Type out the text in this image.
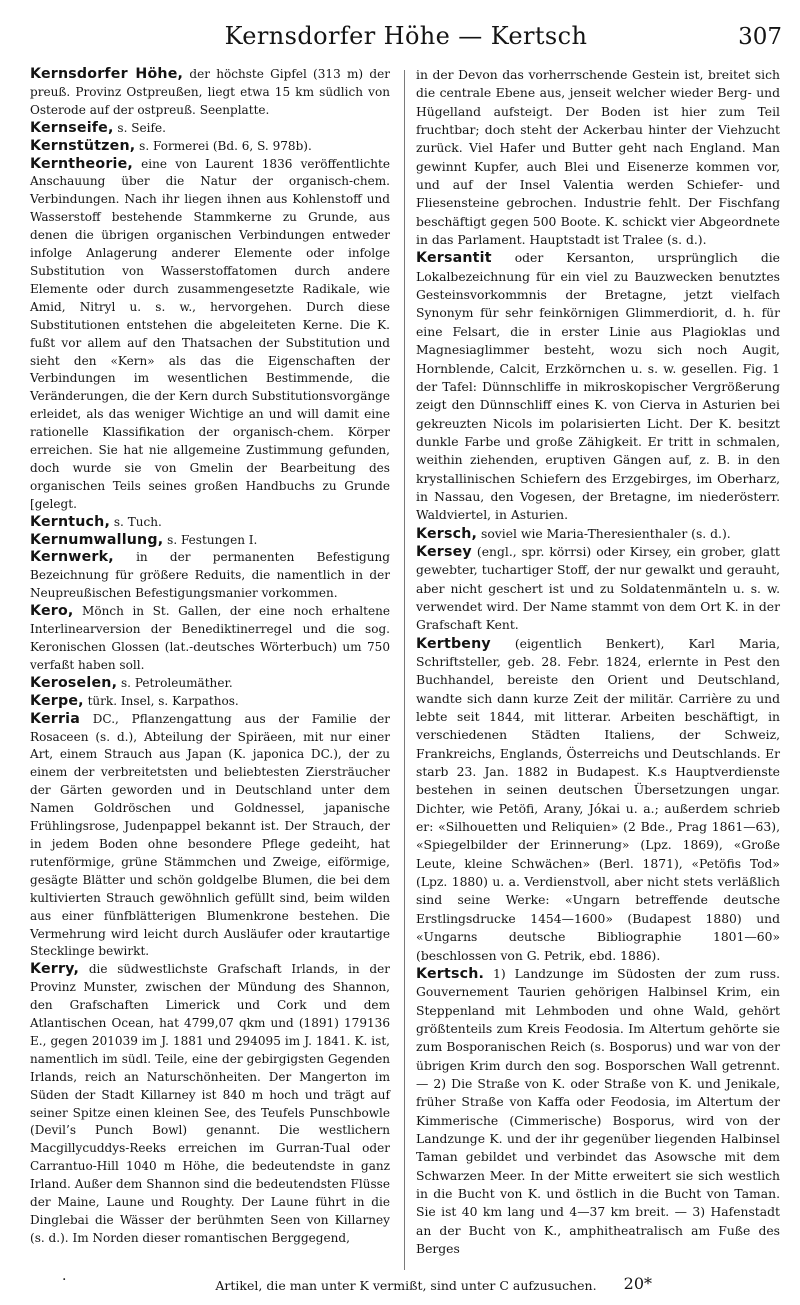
Kernsdorfer Höhe — Kertsch	307

Kernsdorfer Höhe, der höchste Gipfel (313 m) der preuß. Provinz Ostpreußen, liegt etwa 15 km südlich von Osterode auf der ostpreuß. Seenplatte.

Kernseife, s. Seife.

Kernstützen, s. Formerei (Bd. 6, S. 978b).

Kerntheorie, eine von Laurent 1836 veröffentlichte Anschauung über die Natur der organisch-chem. Verbindungen. Nach ihr liegen ihnen aus Kohlenstoff und Wasserstoff bestehende Stammkerne zu Grunde, aus denen die übrigen organischen Verbindungen entweder infolge Anlagerung anderer Elemente oder infolge Substitution von Wasserstoffatomen durch andere Elemente oder durch zusammengesetzte Radikale, wie Amid, Nitryl u. s. w., hervorgehen. Durch diese Substitutionen entstehen die abgeleiteten Kerne. Die K. fußt vor allem auf den Thatsachen der Substitution und sieht den «Kern» als das die Eigenschaften der Verbindungen im wesentlichen Bestimmende, die Veränderungen, die der Kern durch Substitutionsvorgänge erleidet, als das weniger Wichtige an und will damit eine rationelle Klassifikation der organisch-chem. Körper erreichen. Sie hat nie allgemeine Zustimmung gefunden, doch wurde sie von Gmelin der Bearbeitung des organischen Teils seines großen Handbuchs zu Grunde [gelegt.

Kerntuch, s. Tuch.

Kernumwallung, s. Festungen I.

Kernwerk, in der permanenten Befestigung Bezeichnung für größere Reduits, die namentlich in der Neupreußischen Befestigungsmanier vorkommen.

Kero, Mönch in St. Gallen, der eine noch erhaltene Interlinearversion der Benediktinerregel und die sog. Keronischen Glossen (lat.-deutsches Wörterbuch) um 750 verfaßt haben soll.

Keroselen, s. Petroleumäther.

Kerpe, türk. Insel, s. Karpathos.

Kerria DC., Pflanzengattung aus der Familie der Rosaceen (s. d.), Abteilung der Spiräeen, mit nur einer Art, einem Strauch aus Japan (K. japonica DC.), der zu einem der verbreitetsten und beliebtesten Ziersträucher der Gärten geworden und in Deutschland unter dem Namen Goldröschen und Goldnessel, japanische Frühlingsrose, Judenpappel bekannt ist. Der Strauch, der in jedem Boden ohne besondere Pflege gedeiht, hat rutenförmige, grüne Stämmchen und Zweige, eiförmige, gesägte Blätter und schön goldgelbe Blumen, die bei dem kultivierten Strauch gewöhnlich gefüllt sind, beim wilden aus einer fünfblätterigen Blumenkrone bestehen. Die Vermehrung wird leicht durch Ausläufer oder krautartige Stecklinge bewirkt.

Kerry, die südwestlichste Grafschaft Irlands, in der Provinz Munster, zwischen der Mündung des Shannon, den Grafschaften Limerick und Cork und dem Atlantischen Ocean, hat 4799,07 qkm und (1891) 179136 E., gegen 201039 im J. 1881 und 294095 im J. 1841. K. ist, namentlich im südl. Teile, eine der gebirgigsten Gegenden Irlands, reich an Naturschönheiten. Der Mangerton im Süden der Stadt Killarney ist 840 m hoch und trägt auf seiner Spitze einen kleinen See, des Teufels Punschbowle (Devil’s Punch Bowl) genannt. Die westlichern Macgillycuddys-Reeks erreichen im Gurran-Tual oder Carrantuo-Hill 1040 m Höhe, die bedeutendste in ganz Irland. Außer dem Shannon sind die bedeutendsten Flüsse der Maine, Laune und Roughty. Der Laune führt in die Dinglebai die Wässer der berühmten Seen von Killarney (s. d.). Im Norden dieser romantischen Berggegend,

in der Devon das vorherrschende Gestein ist, breitet sich die centrale Ebene aus, jenseit welcher wieder Berg- und Hügelland aufsteigt. Der Boden ist hier zum Teil fruchtbar; doch steht der Ackerbau hinter der Viehzucht zurück. Viel Hafer und Butter geht nach England. Man gewinnt Kupfer, auch Blei und Eisenerze kommen vor, und auf der Insel Valentia werden Schiefer- und Fliesensteine gebrochen. Industrie fehlt. Der Fischfang beschäftigt gegen 500 Boote. K. schickt vier Abgeordnete in das Parlament. Hauptstadt ist Tralee (s. d.).

Kersantit oder Kersanton, ursprünglich die Lokalbezeichnung für ein viel zu Bauzwecken benutztes Gesteinsvorkommnis der Bretagne, jetzt vielfach Synonym für sehr feinkörnigen Glimmerdiorit, d. h. für eine Felsart, die in erster Linie aus Plagioklas und Magnesiaglimmer besteht, wozu sich noch Augit, Hornblende, Calcit, Erzkörnchen u. s. w. gesellen. Fig. 1 der Tafel: Dünnschliffe in mikroskopischer Vergrößerung zeigt den Dünnschliff eines K. von Cierva in Asturien bei gekreuzten Nicols im polarisierten Licht. Der K. besitzt dunkle Farbe und große Zähigkeit. Er tritt in schmalen, weithin ziehenden, eruptiven Gängen auf, z. B. in den krystallinischen Schiefern des Erzgebirges, im Oberharz, in Nassau, den Vogesen, der Bretagne, im niederösterr. Waldviertel, in Asturien.

Kersch, soviel wie Maria-Theresienthaler (s. d.).

Kersey (engl., spr. körrsi) oder Kirsey, ein grober, glatt gewebter, tuchartiger Stoff, der nur gewalkt und gerauht, aber nicht geschert ist und zu Soldatenmänteln u. s. w. verwendet wird. Der Name stammt von dem Ort K. in der Grafschaft Kent.

Kertbeny (eigentlich Benkert), Karl Maria, Schriftsteller, geb. 28. Febr. 1824, erlernte in Pest den Buchhandel, bereiste den Orient und Deutschland, wandte sich dann kurze Zeit der militär. Carrière zu und lebte seit 1844, mit litterar. Arbeiten beschäftigt, in verschiedenen Städten Italiens, der Schweiz, Frankreichs, Englands, Österreichs und Deutschlands. Er starb 23. Jan. 1882 in Budapest. K.s Hauptverdienste bestehen in seinen deutschen Übersetzungen ungar. Dichter, wie Petöfi, Arany, Jókai u. a.; außerdem schrieb er: «Silhouetten und Reliquien» (2 Bde., Prag 1861—63), «Spiegelbilder der Erinnerung» (Lpz. 1869), «Große Leute, kleine Schwächen» (Berl. 1871), «Petöfis Tod» (Lpz. 1880) u. a. Verdienstvoll, aber nicht stets verläßlich sind seine Werke: «Ungarn betreffende deutsche Erstlingsdrucke 1454—1600» (Budapest 1880) und «Ungarns deutsche Bibliographie 1801—60» (beschlossen von G. Petrik, ebd. 1886).

Kertsch. 1) Landzunge im Südosten der zum russ. Gouvernement Taurien gehörigen Halbinsel Krim, ein Steppenland mit Lehmboden und ohne Wald, gehört größtenteils zum Kreis Feodosia. Im Altertum gehörte sie zum Bosporanischen Reich (s. Bosporus) und war von der übrigen Krim durch den sog. Bosporschen Wall getrennt. — 2) Die Straße von K. oder Straße von K. und Jenikale, früher Straße von Kaffa oder Feodosia, im Altertum der Kimmerische (Cimmerische) Bosporus, wird von der Landzunge K. und der ihr gegenüber liegenden Halbinsel Taman gebildet und verbindet das Asowsche mit dem Schwarzen Meer. In der Mitte erweitert sie sich westlich in die Bucht von K. und östlich in die Bucht von Taman. Sie ist 40 km lang und 4—37 km breit. — 3) Hafenstadt an der Bucht von K., amphitheatralisch am Fuße des Berges

·	Artikel, die man unter K vermißt, sind unter C aufzusuchen.	20*
